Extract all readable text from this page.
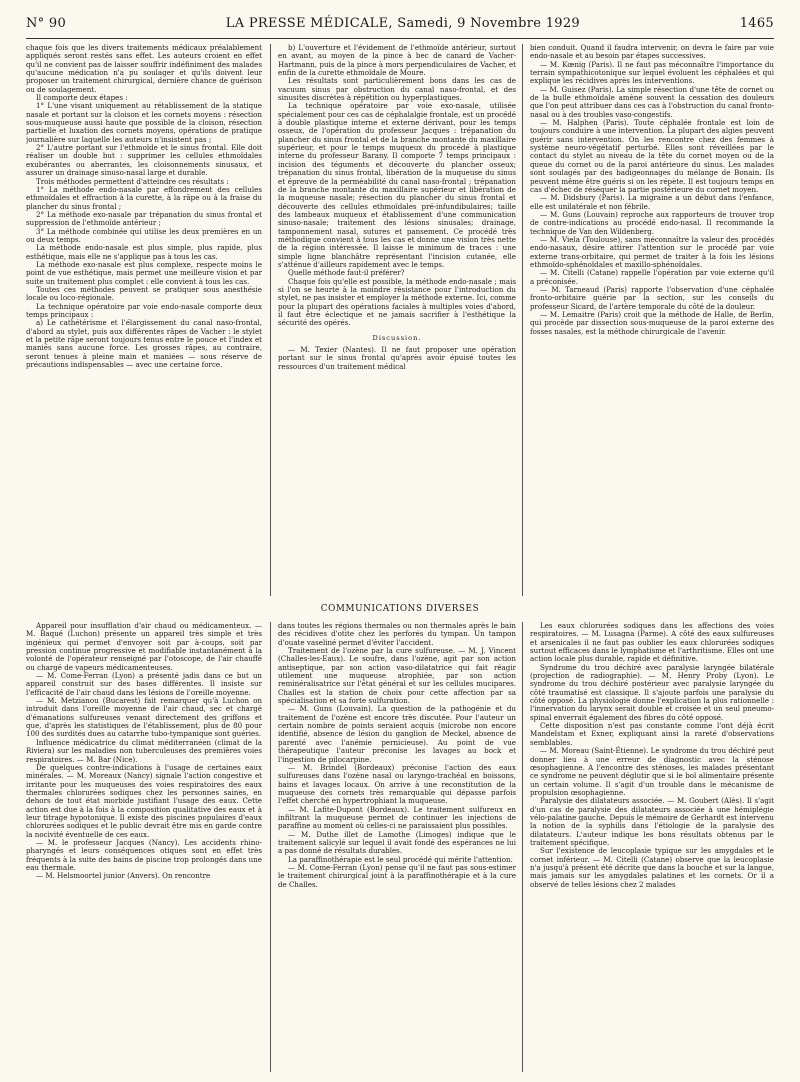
N° 90	LA PRESSE MÉDICALE, Samedi, 9 Novembre 1929	1465

chaque fois que les divers traitements médicaux préalablement appliqués seront restés sans effet. Les auteurs croient en effet qu'il ne convient pas de laisser souffrir indéfiniment des malades qu'aucune médication n'a pu soulager et qu'ils doivent leur proposer un traitement chirurgical, dernière chance de guérison ou de soulagement.

Il comporte deux étapes :

1° L'une visant uniquement au rétablissement de la statique nasale et portant sur la cloison et les cornets moyens : résection sous-muqueuse aussi haute que possible de la cloison, résection partielle et luxation des cornets moyens, opérations de pratique journalière sur laquelle les auteurs n'insistent pas ;

2° L'autre portant sur l'ethmoïde et le sinus frontal. Elle doit réaliser un double but : supprimer les cellules ethmoïdales exubérantes ou aberrantes, les cloisonnements sinusaux, et assurer un drainage sinuso-nasal large et durable.

Trois méthodes permettent d'atteindre ces résultats :

1° La méthode endo-nasale par effondrement des cellules ethmoïdales et effraction à la curette, à la râpe ou à la fraise du plancher du sinus frontal ;

2° La méthode exo-nasale par trépanation du sinus frontal et suppression de l'ethmoïde antérieur ;

3° La méthode combinée qui utilise les deux premières en un ou deux temps.

La méthode endo-nasale est plus simple, plus rapide, plus esthétique, mais elle ne s'applique pas à tous les cas.

La méthode exo-nasale est plus complexe, respecte moins le point de vue esthétique, mais permet une meilleure vision et par suite un traitement plus complet : elle convient à tous les cas.

Toutes ces méthodes peuvent se pratiquer sous anesthésie locale ou loco-régionale.

La technique opératoire par voie endo-nasale comporte deux temps principaux :

a) Le cathétérisme et l'élargissement du canal naso-frontal, d'abord au stylet, puis aux différentes râpes de Vacher : le stylet et la petite râpe seront toujours tenus entre le pouce et l'index et maniés sans aucune force. Les grosses râpes, au contraire, seront tenues à pleine main et maniées — sous réserve de précautions indispensables — avec une certaine force.

b) L'ouverture et l'évidement de l'ethmoïde antérieur, surtout en avant, au moyen de la pince à bec de canard de Vacher-Hartmann, puis de la pince à mors perpendiculaires de Vacher, et enfin de la curette ethmoïdale de Moure.

Les résultats sont particulièrement bons dans les cas de vacuum sinus par obstruction du canal naso-frontal, et des sinusites discrètes à répétition ou hyperplastiques.

La technique opératoire par voie exo-nasale, utilisée spécialement pour ces cas de céphalalgie frontale, est un procédé à double plastique interne et externe dérivant, pour les temps osseux, de l'opération du professeur Jacques : trépanation du plancher du sinus frontal et de la branche montante du maxillaire supérieur, et pour le temps muqueux du procédé à plastique interne du professeur Barany. Il comporte 7 temps principaux : incision des téguments et découverte du plancher osseux; trépanation du sinus frontal, libération de la muqueuse du sinus et épreuve de la perméabilité du canal naso-frontal ; trépanation de la branche montante du maxillaire supérieur et libération de la muqueuse nasale; résection du plancher du sinus frontal et découverte des cellules ethmoïdales pré-infundibulaires; taille des lambeaux muqueux et établissement d'une communication sinuso-nasale; traitement des lésions sinusales; drainage, tamponnement nasal, sutures et pansement. Ce procédé très méthodique convient à tous les cas et donne une vision très nette de la région intéressée. Il laisse le minimum de traces : une simple ligne blanchâtre représentant l'incision cutanée, elle s'atténue d'ailleurs rapidement avec le temps.

Quelle méthode faut-il préférer?

Chaque fois qu'elle est possible, la méthode endo-nasale ; mais si l'on se heurte à la moindre résistance pour l'introduction du stylet, ne pas insister et employer la méthode externe. Ici, comme pour la plupart des opérations faciales à multiples voies d'abord, il faut être éclectique et ne jamais sacrifier à l'esthétique la sécurité des opérés.

Discussion.

— M. Texier (Nantes). Il ne faut proposer une opération portant sur le sinus frontal qu'après avoir épuisé toutes les ressources d'un traitement médical

bien conduit. Quand il faudra intervenir, on devra le faire par voie endo-nasale et au besoin par étapes successives.

— M. Kœnig (Paris). Il ne faut pas méconnaître l'importance du terrain sympathicotonique sur lequel évoluent les céphalées et qui explique les récidives après les interventions.

— M. Guisez (Paris). La simple résection d'une tête de cornet ou de la bulle ethmoïdale amène souvent la cessation des douleurs que l'on peut attribuer dans ces cas à l'obstruction du canal fronto-nasal ou à des troubles vaso-congestifs.

— M. Halphen (Paris). Toute céphalée frontale est loin de toujours conduire à une intervention. La plupart des algies peuvent guérir sans intervention. On les rencontre chez des femmes à système neuro-végétatif perturbé. Elles sont réveillées par le contact du stylet au niveau de la tête du cornet moyen ou de la queue du cornet ou de la paroi antérieure du sinus. Les malades sont soulagés par des badigeonnages du mélange de Bonain. Ils peuvent même être guéris si on les répète. Il est toujours temps en cas d'échec de réséquer la partie postérieure du cornet moyen.

— M. Didsbury (Paris). La migraine a un début dans l'enfance, elle est unilatérale et non fébrile.

— M. Guns (Louvain) reproche aux rapporteurs de trouver trop de contre-indications au procédé endo-nasal. Il recommande la technique de Van den Wildenberg.

— M. Viela (Toulouse), sans méconnaître la valeur des procédés endo-nasaux, désire attirer l'attention sur le procédé par voie externe trans-orbitaire, qui permet de traiter à la fois les lésions ethmoïdo-sphénoïdales et maxillo-sphénoïdales.

— M. Citelli (Catane) rappelle l'opération par voie externe qu'il a préconisée.

— M. Tarneaud (Paris) rapporte l'observation d'une céphalée fronto-orbitaire guérie par la section, sur les conseils du professeur Sicard, de l'artère temporale du côté de la douleur.

— M. Lemaitre (Paris) croit que la méthode de Halle, de Berlin, qui procède par dissection sous-muqueuse de la paroi externe des fosses nasales, est la méthode chirurgicale de l'avenir.

COMMUNICATIONS DIVERSES

Appareil pour insufflation d'air chaud ou médicamenteux. — M. Baqué (Luchon) présente un appareil très simple et très ingénieux qui permet d'envoyer soit par à-coups, soit par pression continue progressive et modifiable instantanément à la volonté de l'opérateur renseigné par l'otoscope, de l'air chauffé ou chargé de vapeurs médicamenteuses.

— M. Come-Ferran (Lyon) a présenté jadis dans ce but un appareil construit sur des bases différentes. Il insiste sur l'efficacité de l'air chaud dans les lésions de l'oreille moyenne.

— M. Metzianou (Bucarest) fait remarquer qu'à Luchon on introduit dans l'oreille moyenne de l'air chaud, sec et chargé d'émanations sulfureuses venant directement des griffons et que, d'après les statistiques de l'établissement, plus de 80 pour 100 des surdités dues au catarrhe tubo-tympanique sont guéries.

Influence médicatrice du climat méditerranéen (climat de la Riviera) sur les maladies non tuberculeuses des premières voies respiratoires. — M. Bar (Nice).

De quelques contre-indications à l'usage de certaines eaux minérales. — M. Moreaux (Nancy) signale l'action congestive et irritante pour les muqueuses des voies respiratoires des eaux thermales chlorurées sodiques chez les personnes saines, en dehors de tout état morbide justifiant l'usage des eaux. Cette action est due à la fois à la composition qualitative des eaux et à leur titrage hypotonique. Il existe des piscines populaires d'eaux chlorurées sodiques et le public devrait être mis en garde contre la nocivité éventuelle de ces eaux.

— M. le professeur Jacques (Nancy). Les accidents rhino-pharyngés et leurs conséquences otiques sont en effet très fréquents à la suite des bains de piscine trop prolongés dans une eau thermale.

— M. Helsmoortel junior (Anvers). On rencontre

dans toutes les régions thermales ou non thermales après le bain des récidives d'otite chez les perforés du tympan. Un tampon d'ouate vaseliné permet d'éviter l'accident.

Traitement de l'ozène par la cure sulfureuse. — M. J. Vincent (Challes-les-Eaux). Le soufre, dans l'ozène, agit par son action antiseptique, par son action vaso-dilatatrice qui fait réagir utilement une muqueuse atrophiée, par son action reminéralisatrice sur l'état général et sur les cellules mucipares. Challes est la station de choix pour cette affection par sa spécialisation et sa forte sulfuration.

— M. Guns (Louvain). La question de la pathogénie et du traitement de l'ozène est encore très discutée. Pour l'auteur un certain nombre de points seraient acquis (microbe non encore identifié, absence de lésion du ganglion de Meckel, absence de parenté avec l'anémie pernicieuse). Au point de vue thérapeutique l'auteur préconise les lavages au bock et l'ingestion de pilocarpine.

— M. Brindel (Bordeaux) préconise l'action des eaux sulfureuses dans l'ozène nasal ou laryngo-trachéal en boissons, bains et lavages locaux. On arrive à une reconstitution de la muqueuse des cornets très remarquable qui dépasse parfois l'effet cherché en hypertrophiant la muqueuse.

— M. Lafite-Dupont (Bordeaux). Le traitement sulfureux en infiltrant la muqueuse permet de continuer les injections de paraffine au moment où celles-ci ne paraissaient plus possibles.

— M. Duthe illet de Lamothe (Limoges) indique que le traitement salicylé sur lequel il avait fondé des espérances ne lui a pas donné de résultats durables.

La paraffinothérapie est le seul procédé qui mérite l'attention.

— M. Come-Ferran (Lyon) pense qu'il ne faut pas sous-estimer le traitement chirurgical joint à la paraffinothérapie et à la cure de Challes.

Les eaux chlorurées sodiques dans les affections des voies respiratoires. — M. Lusagna (Parme). A côté des eaux sulfureuses et arsenicales il ne faut pas oublier les eaux chlorurées sodiques surtout efficaces dans le lymphatisme et l'arthritisme. Elles ont une action locale plus durable, rapide et définitive.

Syndrome du trou déchiré avec paralysie laryngée bilatérale (projection de radiographie). — M. Henry Proby (Lyon). Le syndrome du trou déchiré postérieur avec paralysie laryngée du côté traumatisé est classique. Il s'ajoute parfois une paralysie du côté opposé. La physiologie donne l'explication la plus rationnelle : l'innervation du larynx serait double et croisée et un seul pneumo-spinal enverrait également des fibres du côté opposé.

Cette disposition n'est pas constante comme l'ont déjà écrit Mandelstam et Exner, expliquant ainsi la rareté d'observations semblables.

— M. Moreau (Saint-Étienne). Le syndrome du trou déchiré peut donner lieu à une erreur de diagnostic avec la sténose œsophagienne. A l'encontre des sténoses, les malades présentant ce syndrome ne peuvent déglutir que si le bol alimentaire présente un certain volume. Il s'agit d'un trouble dans le mécanisme de propulsion œsophagienne.

Paralysie des dilatateurs associée. — M. Goubert (Alès). Il s'agit d'un cas de paralysie des dilatateurs associée à une hémiplégie vélo-palatine gauche. Depuis le mémoire de Gerhardt est intervenu la notion de la syphilis dans l'étiologie de la paralysie des dilatateurs. L'auteur indique les bons résultats obtenus par le traitement spécifique.

Sur l'existence de leucoplasie typique sur les amygdales et le cornet inférieur. — M. Citelli (Catane) observe que la leucoplasie n'a jusqu'à présent été décrite que dans la bouche et sur la langue, mais jamais sur les amygdales palatines et les cornets. Or il a observé de telles lésions chez 2 malades
